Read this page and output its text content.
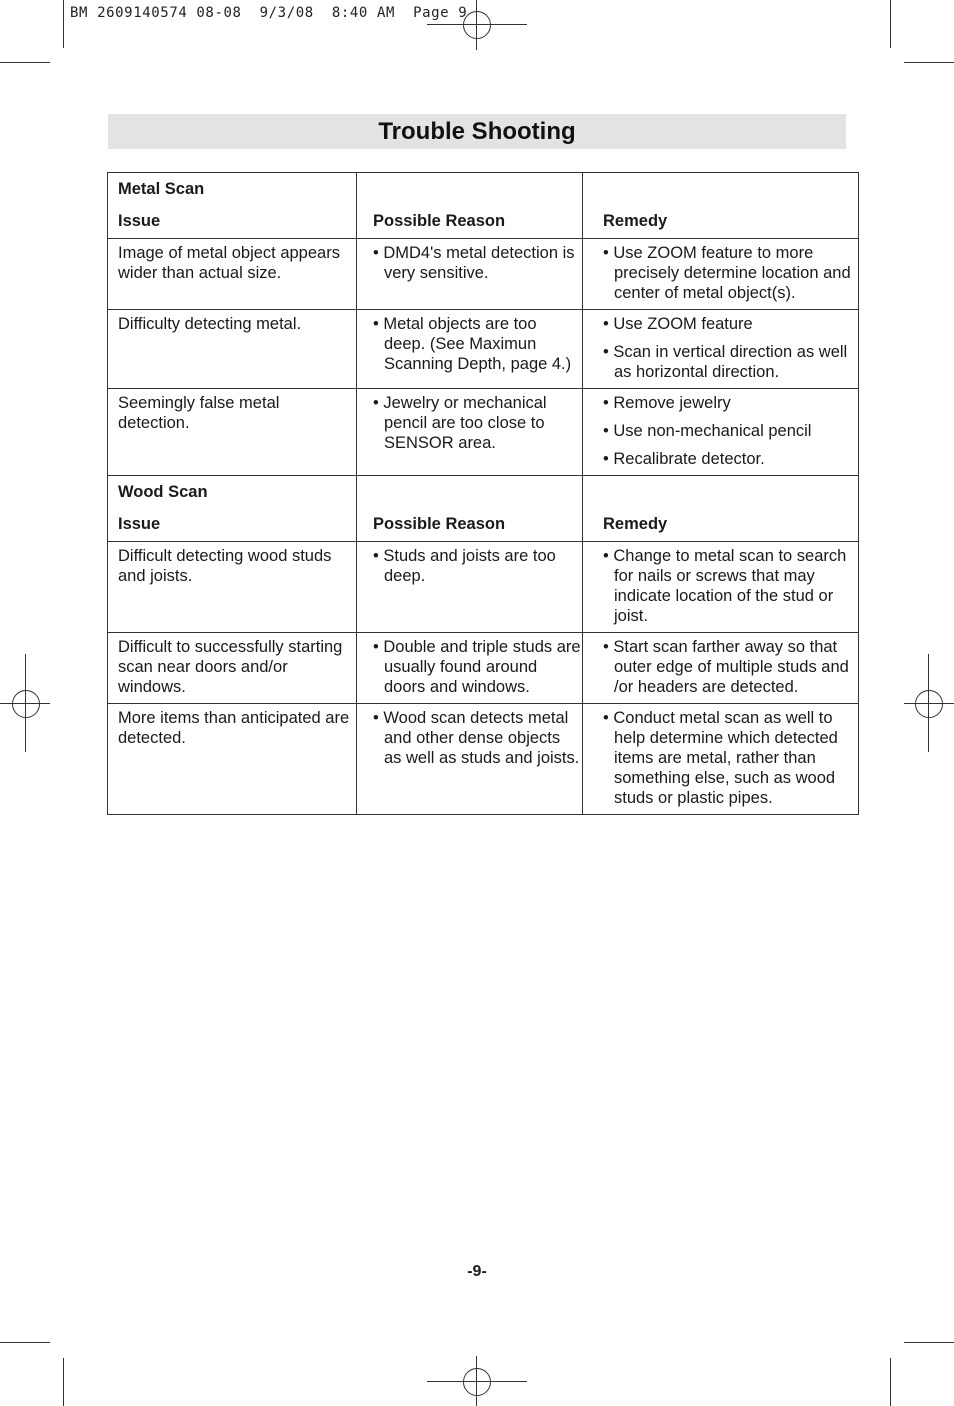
BM 2609140574 08-08  9/3/08  8:40 AM  Page 9
Trouble Shooting
Metal Scan		
Issue	Possible Reason	Remedy
Image of metal object appears wider than actual size.	• DMD4's metal detection is very sensitive.	• Use ZOOM feature to more precisely determine location and center of metal object(s).

Difficulty detecting metal.	• Metal objects are too deep. (See Maximun Scanning Depth, page 4.)	• Use ZOOM feature
• Scan in vertical direction as well as horizontal direction.

Seemingly false metal detection.	• Jewelry or mechanical pencil are too close to SENSOR area.	• Remove jewelry
• Use non-mechanical pencil
• Recalibrate detector.

Wood Scan		
Issue	Possible Reason	Remedy
Difficult detecting wood studs and joists.	• Studs and joists are too deep.	• Change to metal scan to search for nails or screws that may indicate location of the stud or joist.

Difficult to successfully starting scan near doors and/or windows.	• Double and triple studs are usually found around doors and windows.	• Start scan farther away so that outer edge of multiple studs and /or headers are detected.

More items than anticipated are detected.	• Wood scan detects metal and other dense objects as well as studs and joists.	• Conduct metal scan as well to help determine which detected items are metal, rather than something else, such as wood studs or plastic pipes.
-9-
